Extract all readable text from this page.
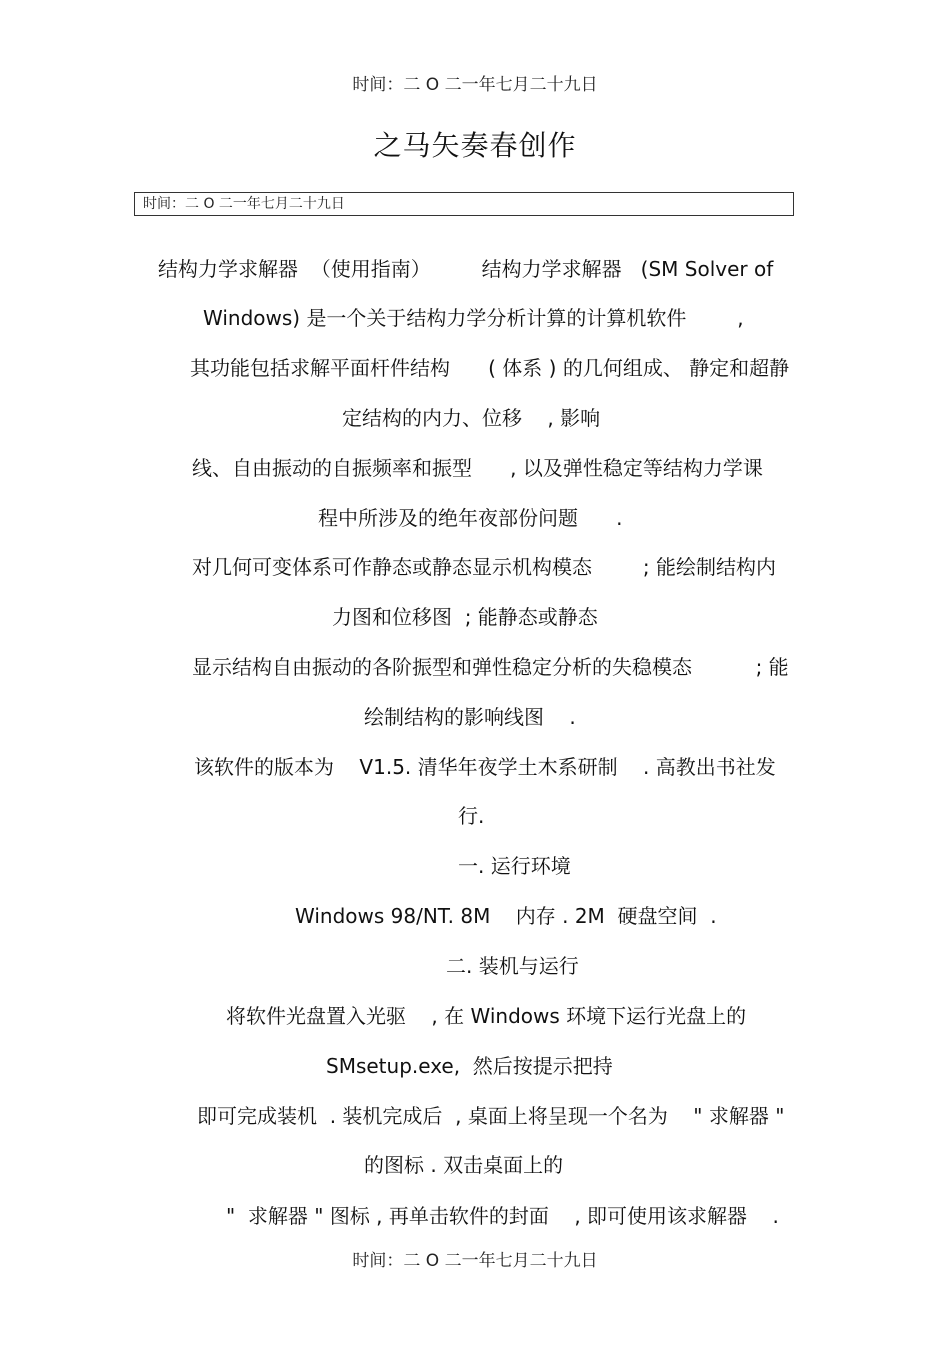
时间：二 O 二一年七月二十九日
之马矢奏春创作
时间：二 O 二一年七月二十九日
结构力学求解器  （使用指南）        结构力学求解器   (SM Solver of
Windows) 是一个关于结构力学分析计算的计算机软件        ,
其功能包括求解平面杆件结构      ( 体系 ) 的几何组成、 静定和超静
定结构的内力、位移    , 影响
线、自由振动的自振频率和振型      , 以及弹性稳定等结构力学课
程中所涉及的绝年夜部份问题      .
对几何可变体系可作静态或静态显示机构模态        ; 能绘制结构内
力图和位移图  ; 能静态或静态
显示结构自由振动的各阶振型和弹性稳定分析的失稳模态          ; 能
绘制结构的影响线图    .
该软件的版本为    V1.5. 清华年夜学土木系研制    . 高教出书社发
行.
一. 运行环境
Windows 98/NT. 8M    内存 . 2M  硬盘空间  .
二. 装机与运行
将软件光盘置入光驱    , 在 Windows 环境下运行光盘上的
SMsetup.exe,  然后按提示把持
即可完成装机  . 装机完成后  , 桌面上将呈现一个名为    " 求解器 "
的图标 . 双击桌面上的
"  求解器 " 图标 , 再单击软件的封面    , 即可使用该求解器    .
时间：二 O 二一年七月二十九日
